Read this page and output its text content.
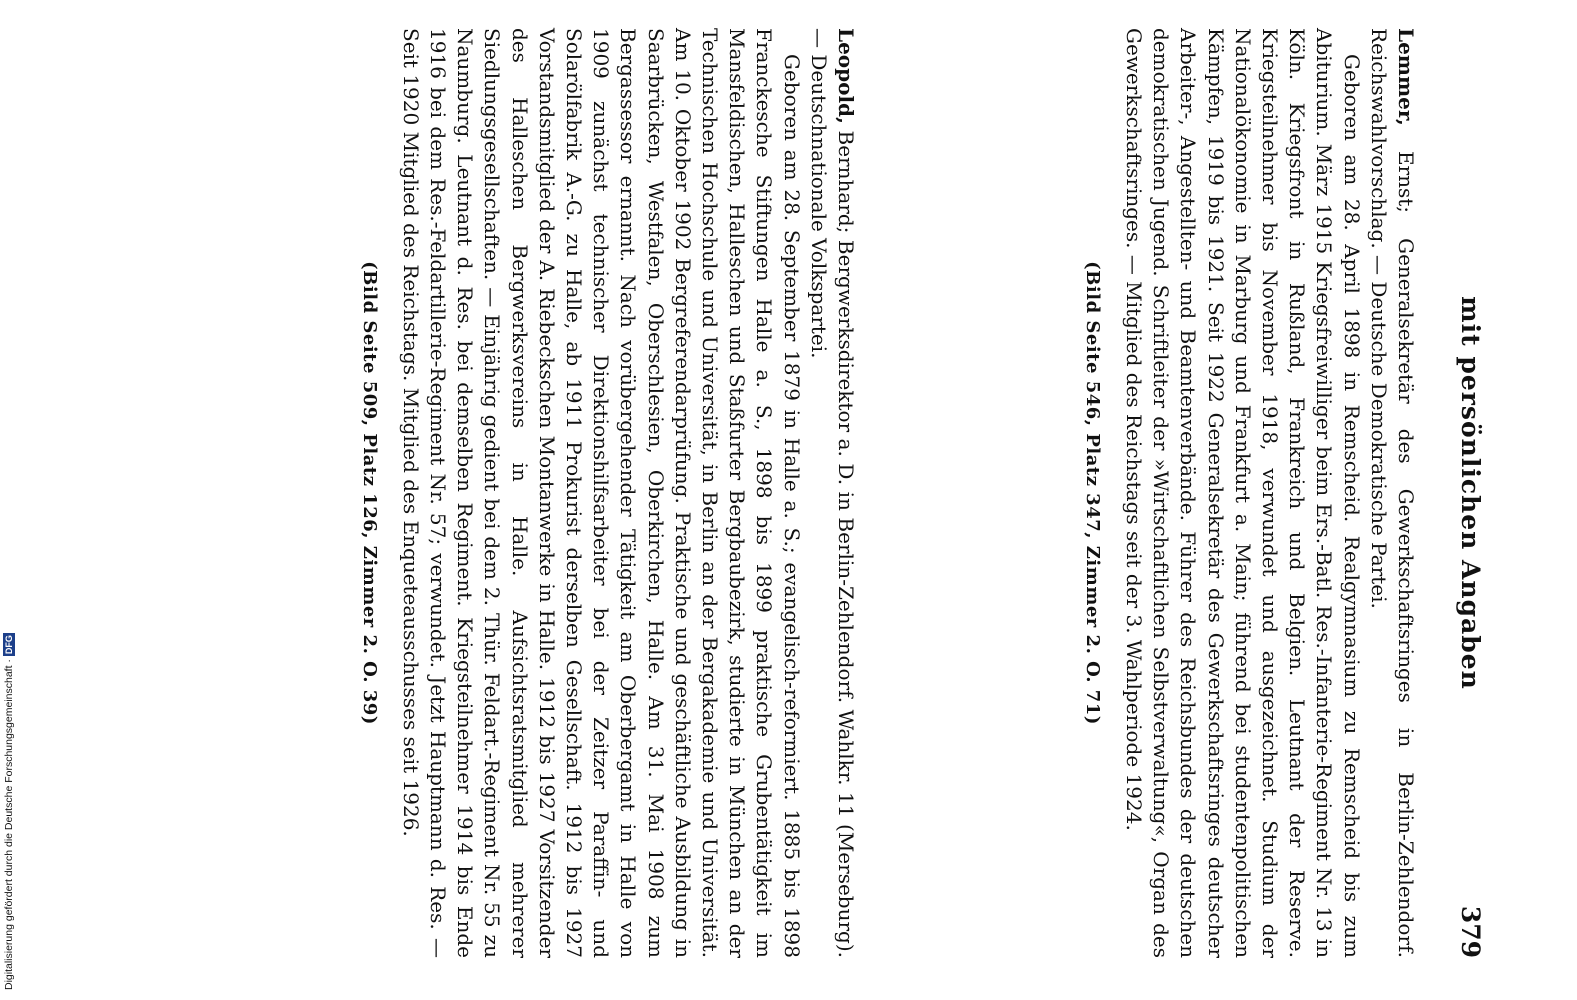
mit persönlichen Angaben
379

Lemmer, Ernst; Generalsekretär des Gewerkschaftsringes in Berlin-Zehlendorf. Reichswahlvorschlag. — Deutsche Demokratische Partei.

Geboren am 28. April 1898 in Remscheid. Realgymnasium zu Remscheid bis zum Abiturium. März 1915 Kriegsfreiwilliger beim Ers.-Batl. Res.-Infanterie-Regiment Nr. 13 in Köln. Kriegsfront in Rußland, Frankreich und Belgien. Leutnant der Reserve. Kriegsteilnehmer bis November 1918, verwundet und ausgezeichnet. Studium der Nationalökonomie in Marburg und Frankfurt a. Main; führend bei studentenpolitischen Kämpfen, 1919 bis 1921. Seit 1922 Generalsekretär des Gewerkschaftsringes deutscher Arbeiter-, Angestellten- und Beamtenverbände. Führer des Reichsbundes der deutschen demokratischen Jugend. Schriftleiter der »Wirtschaftlichen Selbstverwaltung«, Organ des Gewerkschaftsringes. — Mitglied des Reichstags seit der 3. Wahlperiode 1924.

(Bild Seite 546, Platz 347, Zimmer 2. O. 71)

Leopold, Bernhard; Bergwerksdirektor a. D. in Berlin-Zehlendorf. Wahlkr. 11 (Merseburg). — Deutschnationale Volkspartei.

Geboren am 28. September 1879 in Halle a. S.; evangelisch-reformiert. 1885 bis 1898 Franckesche Stiftungen Halle a. S., 1898 bis 1899 praktische Grubentätigkeit im Mansfeldischen, Halleschen und Staßfurter Bergbaubezirk, studierte in München an der Technischen Hochschule und Universität, in Berlin an der Bergakademie und Universität. Am 10. Oktober 1902 Bergreferendarprüfung. Praktische und geschäftliche Ausbildung in Saarbrücken, Westfalen, Oberschlesien, Oberkirchen, Halle. Am 31. Mai 1908 zum Bergassessor ernannt. Nach vorübergehender Tätigkeit am Oberbergamt in Halle von 1909 zunächst technischer Direktionshilfsarbeiter bei der Zeitzer Paraffin- und Solarölfabrik A.-G. zu Halle, ab 1911 Prokurist derselben Gesellschaft. 1912 bis 1927 Vorstandsmitglied der A. Riebeckschen Montanwerke in Halle. 1912 bis 1927 Vorsitzender des Halleschen Bergwerksvereins in Halle. Aufsichtsratsmitglied mehrerer Siedlungsgesellschaften. — Einjährig gedient bei dem 2. Thür. Feldart.-Regiment Nr. 55 zu Naumburg. Leutnant d. Res. bei demselben Regiment. Kriegsteilnehmer 1914 bis Ende 1916 bei dem Res.-Feldartillerie-Regiment Nr. 57; verwundet. Jetzt Hauptmann d. Res. — Seit 1920 Mitglied des Reichstags. Mitglied des Enqueteausschusses seit 1926.

(Bild Seite 509, Platz 126, Zimmer 2. O. 39)

Digitalisierung gefördert durch die Deutsche Forschungsgemeinschaft ·DFG
